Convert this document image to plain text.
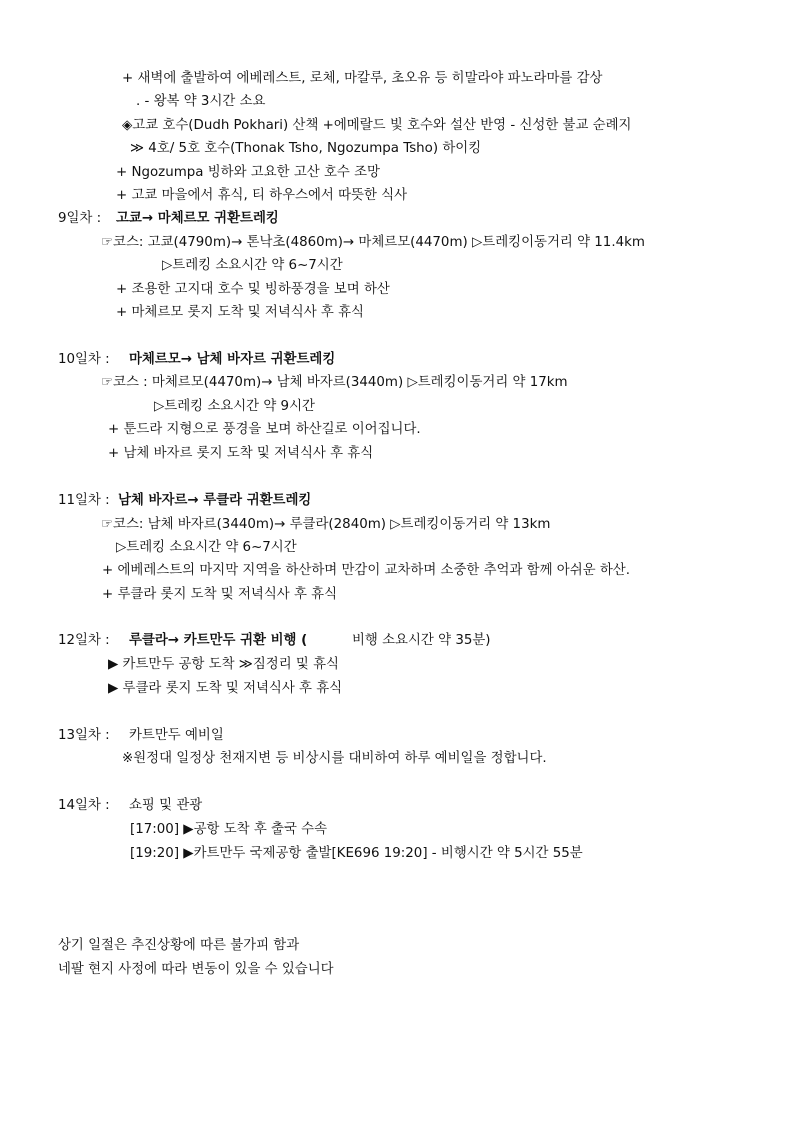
+ 새벽에 출발하여 에베레스트, 로체, 마칼루, 초오유 등 히말라야 파노라마를 감상
. - 왕복 약 3시간 소요
◈고쿄 호수(Dudh Pokhari) 산책 +에메랄드 빛 호수와 설산 반영 - 신성한 불교 순례지
≫ 4호/ 5호 호수(Thonak Tsho, Ngozumpa Tsho) 하이킹
+ Ngozumpa 빙하와 고요한 고산 호수 조망
+ 고쿄 마을에서 휴식, 티 하우스에서 따뜻한 식사
9일차 : 고쿄→ 마체르모 귀환트레킹
☞코스: 고쿄(4790m)→ 톤낙초(4860m)→ 마체르모(4470m) ▷트레킹이동거리 약 11.4km
▷트레킹 소요시간 약 6~7시간
+ 조용한 고지대 호수 및 빙하풍경을 보며 하산
+ 마체르모 롯지 도착 및 저녁식사 후 휴식
10일차 : 마체르모→ 남체 바자르 귀환트레킹
☞코스 : 마체르모(4470m)→ 남체 바자르(3440m) ▷트레킹이동거리 약 17km
▷트레킹 소요시간 약 9시간
+ 툰드라 지형으로 풍경을 보며 하산길로 이어집니다.
+ 남체 바자르 롯지 도착 및 저녁식사 후 휴식
11일차 : 남체 바자르→ 루클라 귀환트레킹
☞코스: 남체 바자르(3440m)→ 루클라(2840m) ▷트레킹이동거리 약 13km
▷트레킹 소요시간 약 6~7시간
+ 에베레스트의 마지막 지역을 하산하며 만감이 교차하며 소중한 추억과 함께 아쉬운 하산.
+ 루클라 롯지 도착 및 저녁식사 후 휴식
12일차 : 루클라→ 카트만두 귀환 비행 (	비행 소요시간 약 35분)
▶ 카트만두 공항 도착 ≫짐정리 및 휴식
▶ 루클라 롯지 도착 및 저녁식사 후 휴식
13일차 : 카트만두 예비일
※원정대 일정상 천재지변 등 비상시를 대비하여 하루 예비일을 정합니다.
14일차 : 쇼핑 및 관광
[17:00] ▶공항 도착 후 출국 수속
[19:20] ▶카트만두 국제공항 출발[KE696 19:20] - 비행시간 약 5시간 55분
상기 일절은 추진상황에 따른 불가피 함과
네팔 현지 사정에 따라 변동이 있을 수 있습니다
